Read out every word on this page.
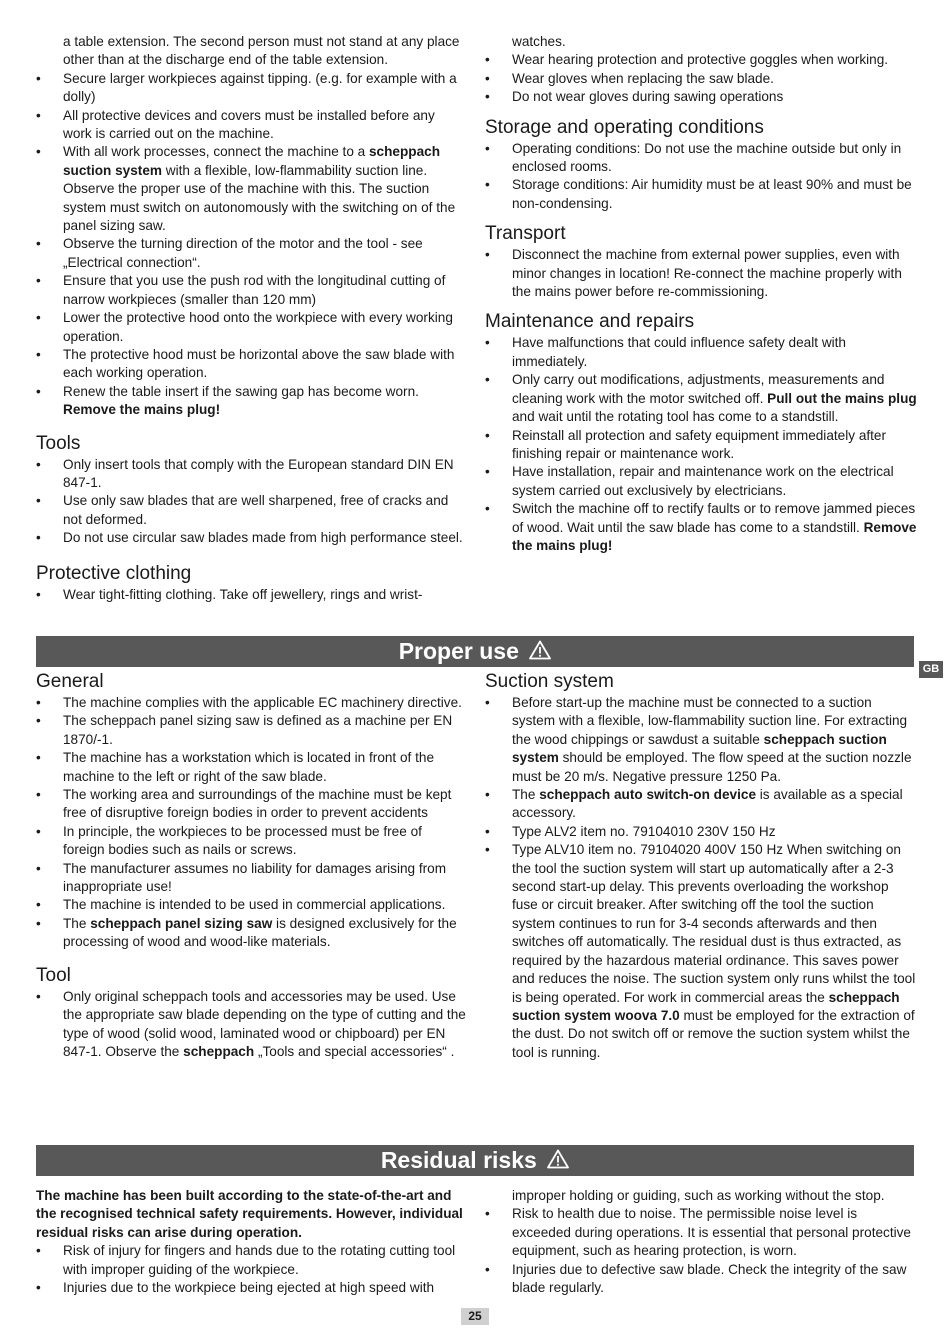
a table extension. The second person must not stand at any place other than at the discharge end of the table extension.
• Secure larger workpieces against tipping. (e.g. for example with a dolly)
• All protective devices and covers must be installed before any work is carried out on the machine.
• With all work processes, connect the machine to a scheppach suction system with a flexible, low-flammability suction line. Observe the proper use of the machine with this. The suction system must switch on autonomously with the switching on of the panel sizing saw.
• Observe the turning direction of the motor and the tool - see „Electrical connection“.
• Ensure that you use the push rod with the longitudinal cutting of narrow workpieces (smaller than 120 mm)
• Lower the protective hood onto the workpiece with every working operation.
• The protective hood must be horizontal above the saw blade with each working operation.
• Renew the table insert if the sawing gap has become worn. Remove the mains plug!
Tools
• Only insert tools that comply with the European standard DIN EN 847-1.
• Use only saw blades that are well sharpened, free of cracks and not deformed.
• Do not use circular saw blades made from high performance steel.
Protective clothing
• Wear tight-fitting clothing. Take off jewellery, rings and wrist-
watches.
• Wear hearing protection and protective goggles when working.
• Wear gloves when replacing the saw blade.
• Do not wear gloves during sawing operations
Storage and operating conditions
• Operating conditions: Do not use the machine outside but only in enclosed rooms.
• Storage conditions: Air humidity must be at least 90% and must be non-condensing.
Transport
• Disconnect the machine from external power supplies, even with minor changes in location! Re-connect the machine properly with the mains power before re-commissioning.
Maintenance and repairs
• Have malfunctions that could influence safety dealt with immediately.
• Only carry out modifications, adjustments, measurements and cleaning work with the motor switched off. Pull out the mains plug and wait until the rotating tool has come to a standstill.
• Reinstall all protection and safety equipment immediately after finishing repair or maintenance work.
• Have installation, repair and maintenance work on the electrical system carried out exclusively by electricians.
• Switch the machine off to rectify faults or to remove jammed pieces of wood. Wait until the saw blade has come to a standstill. Remove the mains plug!
Proper use
GB
General
• The machine complies with the applicable EC machinery directive.
• The scheppach panel sizing saw is defined as a machine per EN 1870/-1.
• The machine has a workstation which is located in front of the machine to the left or right of the saw blade.
• The working area and surroundings of the machine must be kept free of disruptive foreign bodies in order to prevent accidents
• In principle, the workpieces to be processed must be free of foreign bodies such as nails or screws.
• The manufacturer assumes no liability for damages arising from inappropriate use!
• The machine is intended to be used in commercial applications.
• The scheppach panel sizing saw is designed exclusively for the processing of wood and wood-like materials.
Tool
• Only original scheppach tools and accessories may be used. Use the appropriate saw blade depending on the type of cutting and the type of wood (solid wood, laminated wood or chipboard) per EN 847-1. Observe the scheppach „Tools and special accessories“ .
Suction system
• Before start-up the machine must be connected to a suction system with a flexible, low-flammability suction line. For extracting the wood chippings or sawdust a suitable scheppach suction system should be employed. The flow speed at the suction nozzle must be 20 m/s. Negative pressure 1250 Pa.
• The scheppach auto switch-on device is available as a special accessory.
• Type ALV2 item no. 79104010 230V 150 Hz
• Type ALV10 item no. 79104020 400V 150 Hz When switching on the tool the suction system will start up automatically after a 2-3 second start-up delay. This prevents overloading the workshop fuse or circuit breaker. After switching off the tool the suction system continues to run for 3-4 seconds afterwards and then switches off automatically. The residual dust is thus extracted, as required by the hazardous material ordinance. This saves power and reduces the noise. The suction system only runs whilst the tool is being operated. For work in commercial areas the scheppach suction system woova 7.0 must be employed for the extraction of the dust. Do not switch off or remove the suction system whilst the tool is running.
Residual risks
The machine has been built according to the state-of-the-art and the recognised technical safety requirements. However, individual residual risks can arise during operation.
• Risk of injury for fingers and hands due to the rotating cutting tool with improper guiding of the workpiece.
• Injuries due to the workpiece being ejected at high speed with
improper holding or guiding, such as working without the stop.
• Risk to health due to noise. The permissible noise level is exceeded during operations. It is essential that personal protective equipment, such as hearing protection, is worn.
• Injuries due to defective saw blade. Check the integrity of the saw blade regularly.
25
